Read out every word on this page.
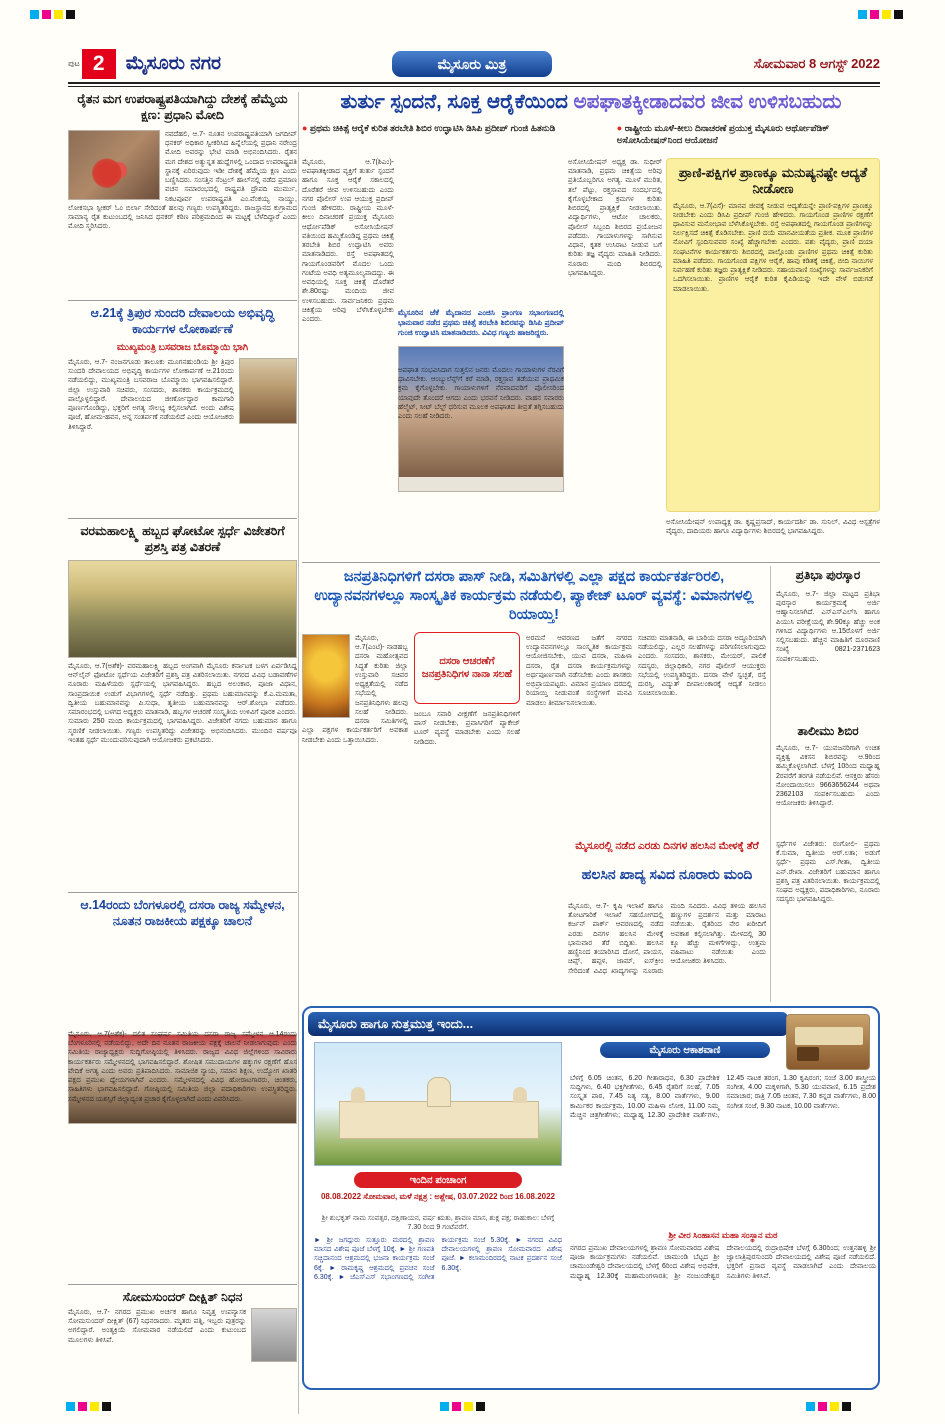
ಪುಟ 2	ಮೈಸೂರು ನಗರ	ಮೈಸೂರು ಮಿತ್ರ	ಸೋಮವಾರ 8 ಆಗಸ್ಟ್ 2022
ರೈತನ ಮಗ ಉಪರಾಷ್ಟ್ರಪತಿಯಾಗಿದ್ದು ದೇಶಕ್ಕೆ ಹೆಮ್ಮೆಯ ಕ್ಷಣ: ಪ್ರಧಾನಿ ಮೋದಿ
ನವದೆಹಲಿ, ಆ.7- ನೂತನ ಉಪರಾಷ್ಟ್ರಪತಿಯಾಗಿ ಜಗದೀಪ್ ಧನಕರ್ ಅಧಿಕಾರ ಸ್ವೀಕರಿಸಿದ ಹಿನ್ನೆಲೆಯಲ್ಲಿ ಪ್ರಧಾನಿ ನರೇಂದ್ರ ಮೋದಿ ಅವರನ್ನು ಭೇಟಿ ಮಾಡಿ ಅಭಿನಂದಿಸಿದರು. ರೈತನ ಮಗ ದೇಶದ ಅತ್ಯುನ್ನತ ಹುದ್ದೆಗಳಲ್ಲಿ ಒಂದಾದ ಉಪರಾಷ್ಟ್ರಪತಿ ಸ್ಥಾನಕ್ಕೆ ಏರಿರುವುದು ಇಡೀ ದೇಶಕ್ಕೆ ಹೆಮ್ಮೆಯ ಕ್ಷಣ ಎಂದು ಬಣ್ಣಿಸಿದರು. ಸಂಸತ್ತಿನ ಸೆಂಟ್ರಲ್ ಹಾಲ್‌ನಲ್ಲಿ ನಡೆದ ಪ್ರಮಾಣ ವಚನ ಸಮಾರಂಭದಲ್ಲಿ ರಾಷ್ಟ್ರಪತಿ ದ್ರೌಪದಿ ಮುರ್ಮು, ನಿಕಟಪೂರ್ವ ಉಪರಾಷ್ಟ್ರಪತಿ ಎಂ.ವೆಂಕಯ್ಯ ನಾಯ್ಡು, ಲೋಕಸಭಾ ಸ್ಪೀಕರ್ ಓಂ ಬಿರ್ಲಾ ಸೇರಿದಂತೆ ಹಲವು ಗಣ್ಯರು ಉಪಸ್ಥಿತರಿದ್ದರು. ರಾಜಸ್ಥಾನದ ಕುಗ್ರಾಮದ ಸಾಮಾನ್ಯ ರೈತ ಕುಟುಂಬದಲ್ಲಿ ಜನಿಸಿದ ಧನಕರ್ ಕಠಿಣ ಪರಿಶ್ರಮದಿಂದ ಈ ಮಟ್ಟಕ್ಕೆ ಬೆಳೆದಿದ್ದಾರೆ ಎಂದು ಮೋದಿ ಸ್ಮರಿಸಿದರು.
ಆ.21ಕ್ಕೆ ತ್ರಿಪುರ ಸುಂದರಿ ದೇವಾಲಯ ಅಭಿವೃದ್ಧಿ ಕಾರ್ಯಗಳ ಲೋಕಾರ್ಪಣೆ
ಮುಖ್ಯಮಂತ್ರಿ ಬಸವರಾಜ ಬೊಮ್ಮಾಯಿ ಭಾಗಿ
ಮೈಸೂರು, ಆ.7- ನಂಜನಗೂಡು ತಾಲೂಕು ಮೂಗನಹುಂಡಿಯ ಶ್ರೀ ತ್ರಿಪುರ ಸುಂದರಿ ದೇವಾಲಯದ ಅಭಿವೃದ್ಧಿ ಕಾರ್ಯಗಳ ಲೋಕಾರ್ಪಣೆ ಆ.21ರಂದು ನಡೆಯಲಿದ್ದು, ಮುಖ್ಯಮಂತ್ರಿ ಬಸವರಾಜ ಬೊಮ್ಮಾಯಿ ಭಾಗವಹಿಸಲಿದ್ದಾರೆ. ಜಿಲ್ಲಾ ಉಸ್ತುವಾರಿ ಸಚಿವರು, ಸಂಸದರು, ಶಾಸಕರು ಕಾರ್ಯಕ್ರಮದಲ್ಲಿ ಪಾಲ್ಗೊಳ್ಳಲಿದ್ದಾರೆ. ದೇವಾಲಯದ ಜೀರ್ಣೋದ್ಧಾರ ಕಾಮಗಾರಿ ಪೂರ್ಣಗೊಂಡಿದ್ದು, ಭಕ್ತರಿಗೆ ಅಗತ್ಯ ಸೌಲಭ್ಯ ಕಲ್ಪಿಸಲಾಗಿದೆ. ಅಂದು ವಿಶೇಷ ಪೂಜೆ, ಹೋಮ-ಹವನ, ಅನ್ನ ಸಂತರ್ಪಣೆ ನಡೆಯಲಿದೆ ಎಂದು ಆಯೋಜಕರು ತಿಳಿಸಿದ್ದಾರೆ.
ವರಮಹಾಲಕ್ಷ್ಮಿ ಹಬ್ಬದ ಘೋಟೋ ಸ್ಪರ್ಧೆ ವಿಜೇತರಿಗೆ ಪ್ರಶಸ್ತಿ ಪತ್ರ ವಿತರಣೆ
ಮೈಸೂರು, ಆ.7(ಅಶೆಕ)- ವರಮಹಾಲಕ್ಷ್ಮಿ ಹಬ್ಬದ ಅಂಗವಾಗಿ ಮೈಸೂರು ಕರ್ನಾಟಕ ಬಳಗ ಏರ್ಪಡಿಸಿದ್ದ ಆನ್‌ಲೈನ್ ಫೋಟೋ ಸ್ಪರ್ಧೆಯ ವಿಜೇತರಿಗೆ ಪ್ರಶಸ್ತಿ ಪತ್ರ ವಿತರಿಸಲಾಯಿತು. ನಗರದ ವಿವಿಧ ಬಡಾವಣೆಗಳ ನೂರಾರು ಮಹಿಳೆಯರು ಸ್ಪರ್ಧೆಯಲ್ಲಿ ಭಾಗವಹಿಸಿದ್ದರು. ಹಬ್ಬದ ಅಲಂಕಾರ, ಪೂಜಾ ವಿಧಾನ, ಸಾಂಪ್ರದಾಯಿಕ ಉಡುಗೆ ವಿಭಾಗಗಳಲ್ಲಿ ಸ್ಪರ್ಧೆ ನಡೆದಿತ್ತು. ಪ್ರಥಮ ಬಹುಮಾನವನ್ನು ಕೆ.ಎ.ಮಮತಾ, ದ್ವಿತೀಯ ಬಹುಮಾನವನ್ನು ಪಿ.ಸುಧಾ, ತೃತೀಯ ಬಹುಮಾನವನ್ನು ಆರ್.ಶೋಭಾ ಪಡೆದರು. ಸಮಾರಂಭದಲ್ಲಿ ಬಳಗದ ಅಧ್ಯಕ್ಷರು ಮಾತನಾಡಿ, ಹಬ್ಬಗಳ ಆಚರಣೆ ಸಂಸ್ಕೃತಿಯ ಉಳಿವಿಗೆ ಪೂರಕ ಎಂದರು. ಸುಮಾರು 250 ಮಂದಿ ಕಾರ್ಯಕ್ರಮದಲ್ಲಿ ಭಾಗವಹಿಸಿದ್ದರು. ವಿಜೇತರಿಗೆ ನಗದು ಬಹುಮಾನ ಹಾಗೂ ಸ್ಮರಣಿಕೆ ನೀಡಲಾಯಿತು. ಗಣ್ಯರು ಉಪಸ್ಥಿತರಿದ್ದು ವಿಜೇತರನ್ನು ಅಭಿನಂದಿಸಿದರು. ಮುಂದಿನ ವರ್ಷವೂ ಇಂತಹ ಸ್ಪರ್ಧೆ ಮುಂದುವರಿಸುವುದಾಗಿ ಆಯೋಜಕರು ಪ್ರಕಟಿಸಿದರು.
ಆ.14ರಂದು ಬೆಂಗಳೂರಲ್ಲಿ ದಸರಾ ರಾಜ್ಯ ಸಮ್ಮೇಳನ, ನೂತನ ರಾಜಕೀಯ ಪಕ್ಷಕ್ಕೂ ಚಾಲನೆ
ಮೈಸೂರು, ಆ.7(ಅಶೆಕ)- ದಲಿತ ಸಂಘರ್ಷ ಸಮಿತಿಯ ದಸರಾ ರಾಜ್ಯ ಸಮ್ಮೇಳನ ಆ.14ರಂದು ಬೆಂಗಳೂರಿನಲ್ಲಿ ನಡೆಯಲಿದ್ದು, ಅದೇ ದಿನ ನೂತನ ರಾಜಕೀಯ ಪಕ್ಷಕ್ಕೆ ಚಾಲನೆ ನೀಡಲಾಗುವುದು ಎಂದು ಸಮಿತಿಯ ರಾಜ್ಯಾಧ್ಯಕ್ಷರು ಸುದ್ದಿಗೋಷ್ಠಿಯಲ್ಲಿ ತಿಳಿಸಿದರು. ರಾಜ್ಯದ ವಿವಿಧ ಜಿಲ್ಲೆಗಳಿಂದ ಸಾವಿರಾರು ಕಾರ್ಯಕರ್ತರು ಸಮ್ಮೇಳನದಲ್ಲಿ ಭಾಗವಹಿಸಲಿದ್ದಾರೆ. ಶೋಷಿತ ಸಮುದಾಯಗಳ ಹಕ್ಕುಗಳ ರಕ್ಷಣೆಗೆ ಹೊಸ ವೇದಿಕೆ ಅಗತ್ಯ ಎಂದು ಅವರು ಪ್ರತಿಪಾದಿಸಿದರು. ಸಾಮಾಜಿಕ ನ್ಯಾಯ, ಸಮಾನ ಶಿಕ್ಷಣ, ಉದ್ಯೋಗ ಖಾತರಿ ಪಕ್ಷದ ಪ್ರಮುಖ ಧ್ಯೇಯಗಳಾಗಿವೆ ಎಂದರು. ಸಮ್ಮೇಳನದಲ್ಲಿ ವಿವಿಧ ಹೋರಾಟಗಾರರು, ಚಿಂತಕರು, ಸಾಹಿತಿಗಳು ಭಾಗವಹಿಸಲಿದ್ದಾರೆ. ಗೋಷ್ಠಿಯಲ್ಲಿ ಸಮಿತಿಯ ಜಿಲ್ಲಾ ಪದಾಧಿಕಾರಿಗಳು ಉಪಸ್ಥಿತರಿದ್ದರು. ಸಮ್ಮೇಳನದ ಯಶಸ್ಸಿಗೆ ಜಿಲ್ಲಾದ್ಯಂತ ಪ್ರಚಾರ ಕೈಗೊಳ್ಳಲಾಗಿದೆ ಎಂದು ವಿವರಿಸಿದರು.
ಸೋಮಸುಂದರ್ ದೀಕ್ಷಿತ್ ನಿಧನ
ಮೈಸೂರು, ಆ.7- ನಗರದ ಪ್ರಮುಖ ಅರ್ಚಕ ಹಾಗೂ ನಿವೃತ್ತ ಉಪನ್ಯಾಸಕ ಸೋಮಸುಂದರ್ ದೀಕ್ಷಿತ್ (67) ನಿಧನರಾದರು. ಮೃತರು ಪತ್ನಿ, ಇಬ್ಬರು ಪುತ್ರರನ್ನು ಅಗಲಿದ್ದಾರೆ. ಅಂತ್ಯಕ್ರಿಯೆ ಸೋಮವಾರ ನಡೆಯಲಿದೆ ಎಂದು ಕುಟುಂಬದ ಮೂಲಗಳು ತಿಳಿಸಿವೆ.
ತುರ್ತು ಸ್ಪಂದನೆ, ಸೂಕ್ತ ಆರೈಕೆಯಿಂದ ಅಪಘಾತಕ್ಕೀಡಾದವರ ಜೀವ ಉಳಿಸಬಹುದು
● ಪ್ರಥಮ ಚಿಕಿತ್ಸೆ ಆರೈಕೆ ಕುರಿತ ತರಬೇತಿ ಶಿಬಿರ ಉದ್ಘಾಟಿಸಿ ಡಿಸಿಪಿ ಪ್ರದೀಪ್ ಗುಂಜಿ ಹಿತನುಡಿ	● ರಾಷ್ಟ್ರೀಯ ಮೂಳೆ-ಕೀಲು ದಿನಾಚರಣೆ ಪ್ರಯುಕ್ತ ಮೈಸೂರು ಆರ್ಥೋಪೆಡಿಕ್ ಅಸೋಸಿಯೇಷನ್‌ನಿಂದ ಆಯೋಜನೆ
ಮೈಸೂರು, ಆ.7(ಶಿಎಂ)- ಅಪಘಾತಕ್ಕೀಡಾದ ವ್ಯಕ್ತಿಗೆ ತುರ್ತು ಸ್ಪಂದನೆ ಹಾಗೂ ಸೂಕ್ತ ಆರೈಕೆ ಸಕಾಲದಲ್ಲಿ ದೊರೆತರೆ ಜೀವ ಉಳಿಸಬಹುದು ಎಂದು ನಗರ ಪೊಲೀಸ್ ಉಪ ಆಯುಕ್ತ ಪ್ರದೀಪ್ ಗುಂಜಿ ಹೇಳಿದರು. ರಾಷ್ಟ್ರೀಯ ಮೂಳೆ-ಕೀಲು ದಿನಾಚರಣೆ ಪ್ರಯುಕ್ತ ಮೈಸೂರು ಆರ್ಥೋಪೆಡಿಕ್ ಅಸೋಸಿಯೇಷನ್ ವತಿಯಿಂದ ಹಮ್ಮಿಕೊಂಡಿದ್ದ ಪ್ರಥಮ ಚಿಕಿತ್ಸೆ ತರಬೇತಿ ಶಿಬಿರ ಉದ್ಘಾಟಿಸಿ ಅವರು ಮಾತನಾಡಿದರು. ರಸ್ತೆ ಅಪಘಾತದಲ್ಲಿ ಗಾಯಗೊಂಡವರಿಗೆ ಮೊದಲ ಒಂದು ಗಂಟೆಯ ಅವಧಿ ಅತ್ಯಮೂಲ್ಯವಾದದ್ದು. ಈ ಅವಧಿಯಲ್ಲಿ ಸೂಕ್ತ ಚಿಕಿತ್ಸೆ ದೊರೆತರೆ ಶೇ.80ರಷ್ಟು ಮಂದಿಯ ಜೀವ ಉಳಿಸಬಹುದು. ಸಾರ್ವಜನಿಕರು ಪ್ರಥಮ ಚಿಕಿತ್ಸೆಯ ಅರಿವು ಬೆಳೆಸಿಕೊಳ್ಳಬೇಕು ಎಂದರು.
ಮೈಸೂರಿನ ಜೆಕೆ ಮೈದಾನದ ಎಂಜಿಸಿ ಪ್ರಾಂಗಣ ಸಭಾಂಗಣದಲ್ಲಿ ಭಾನುವಾರ ನಡೆದ ಪ್ರಥಮ ಚಿಕಿತ್ಸೆ ತರಬೇತಿ ಶಿಬಿರವನ್ನು ಡಿಸಿಪಿ ಪ್ರದೀಪ್ ಗುಂಜಿ ಉದ್ಘಾಟಿಸಿ ಮಾತನಾಡಿದರು. ವಿವಿಧ ಗಣ್ಯರು ಹಾಜರಿದ್ದರು.
ಅಪಘಾತ ಸಂಭವಿಸಿದಾಗ ಸುತ್ತಲಿನ ಜನರು ಮೊದಲು ಗಾಯಾಳುಗಳ ನೆರವಿಗೆ ಧಾವಿಸಬೇಕು. ಆಂಬ್ಯುಲೆನ್ಸ್‌ಗೆ ಕರೆ ಮಾಡಿ, ರಕ್ತಸ್ರಾವ ತಡೆಯುವ ಪ್ರಾಥಮಿಕ ಕ್ರಮ ಕೈಗೊಳ್ಳಬೇಕು. ಗಾಯಾಳುಗಳಿಗೆ ನೆರವಾದವರಿಗೆ ಪೊಲೀಸರಿಂದ ಯಾವುದೇ ತೊಂದರೆ ಆಗದು ಎಂದು ಭರವಸೆ ನೀಡಿದರು. ವಾಹನ ಸವಾರರು ಹೆಲ್ಮೆಟ್, ಸೀಟ್ ಬೆಲ್ಟ್ ಧರಿಸುವ ಮೂಲಕ ಅಪಘಾತದ ತೀವ್ರತೆ ತಗ್ಗಿಸಬಹುದು ಎಂದು ಸಲಹೆ ನೀಡಿದರು.
ಅಸೋಸಿಯೇಷನ್ ಅಧ್ಯಕ್ಷ ಡಾ. ಸುಧೀರ್ ಮಾತನಾಡಿ, ಪ್ರಥಮ ಚಿಕಿತ್ಸೆಯ ಅರಿವು ಪ್ರತಿಯೊಬ್ಬರಿಗೂ ಅಗತ್ಯ. ಮೂಳೆ ಮುರಿತ, ತಲೆ ಪೆಟ್ಟು, ರಕ್ತಸ್ರಾವದ ಸಂದರ್ಭದಲ್ಲಿ ಕೈಗೊಳ್ಳಬೇಕಾದ ಕ್ರಮಗಳ ಕುರಿತು ಶಿಬಿರದಲ್ಲಿ ಪ್ರಾತ್ಯಕ್ಷಿಕೆ ನೀಡಲಾಯಿತು. ವಿದ್ಯಾರ್ಥಿಗಳು, ಆಟೋ ಚಾಲಕರು, ಪೊಲೀಸ್ ಸಿಬ್ಬಂದಿ ಶಿಬಿರದ ಪ್ರಯೋಜನ ಪಡೆದರು. ಗಾಯಾಳುಗಳನ್ನು ಸಾಗಿಸುವ ವಿಧಾನ, ಕೃತಕ ಉಸಿರಾಟ ನೀಡುವ ಬಗೆ ಕುರಿತು ತಜ್ಞ ವೈದ್ಯರು ಮಾಹಿತಿ ನೀಡಿದರು. ನೂರಾರು ಮಂದಿ ಶಿಬಿರದಲ್ಲಿ ಭಾಗವಹಿಸಿದ್ದರು.
ಪ್ರಾಣಿ-ಪಕ್ಷಿಗಳ ಪ್ರಾಣಕ್ಕೂ ಮನುಷ್ಯನಷ್ಟೇ ಆದ್ಯತೆ ನೀಡೋಣ
ಮೈಸೂರು, ಆ.7(ವಿಸೆ)- ಮಾನವ ಜೀವಕ್ಕೆ ನೀಡುವ ಆದ್ಯತೆಯನ್ನೇ ಪ್ರಾಣಿ-ಪಕ್ಷಿಗಳ ಪ್ರಾಣಕ್ಕೂ ನೀಡಬೇಕು ಎಂದು ಡಿಸಿಪಿ ಪ್ರದೀಪ್ ಗುಂಜಿ ಹೇಳಿದರು. ಗಾಯಗೊಂಡ ಪ್ರಾಣಿಗಳ ರಕ್ಷಣೆಗೆ ಧಾವಿಸುವ ಮನೋಭಾವ ಬೆಳೆಸಿಕೊಳ್ಳಬೇಕು. ರಸ್ತೆ ಅಪಘಾತದಲ್ಲಿ ಗಾಯಗೊಂಡ ಪ್ರಾಣಿಗಳನ್ನು ನಿರ್ಲಕ್ಷಿಸದೆ ಚಿಕಿತ್ಸೆ ಕೊಡಿಸಬೇಕು. ಪ್ರಾಣಿ ದಯೆ ಮಾನವೀಯತೆಯ ಪ್ರತೀಕ. ಮೂಕ ಪ್ರಾಣಿಗಳ ನೋವಿಗೆ ಸ್ಪಂದಿಸುವವರ ಸಂಖ್ಯೆ ಹೆಚ್ಚಾಗಬೇಕು ಎಂದರು. ಪಶು ವೈದ್ಯರು, ಪ್ರಾಣಿ ದಯಾ ಸಂಘಟನೆಗಳ ಕಾರ್ಯಕರ್ತರು ಶಿಬಿರದಲ್ಲಿ ಪಾಲ್ಗೊಂಡು ಪ್ರಾಣಿಗಳ ಪ್ರಥಮ ಚಿಕಿತ್ಸೆ ಕುರಿತು ಮಾಹಿತಿ ಪಡೆದರು. ಗಾಯಗೊಂಡ ಪಕ್ಷಿಗಳ ಆರೈಕೆ, ಹಾವು ಕಡಿತಕ್ಕೆ ಚಿಕಿತ್ಸೆ, ಬೀದಿ ನಾಯಿಗಳ ನಿರ್ವಹಣೆ ಕುರಿತು ತಜ್ಞರು ಪ್ರಾತ್ಯಕ್ಷಿಕೆ ನೀಡಿದರು. ಸಹಾಯವಾಣಿ ಸಂಖ್ಯೆಗಳನ್ನು ಸಾರ್ವಜನಿಕರಿಗೆ ಒದಗಿಸಲಾಯಿತು. ಪ್ರಾಣಿಗಳ ಆರೈಕೆ ಕುರಿತ ಕೈಪಿಡಿಯನ್ನು ಇದೇ ವೇಳೆ ಬಿಡುಗಡೆ ಮಾಡಲಾಯಿತು.
ಅಸೋಸಿಯೇಷನ್ ಉಪಾಧ್ಯಕ್ಷ ಡಾ. ಕೃಷ್ಣಪ್ರಸಾದ್, ಕಾರ್ಯದರ್ಶಿ ಡಾ. ಸುನಿಲ್, ವಿವಿಧ ಆಸ್ಪತ್ರೆಗಳ ವೈದ್ಯರು, ದಾದಿಯರು ಹಾಗೂ ವಿದ್ಯಾರ್ಥಿಗಳು ಶಿಬಿರದಲ್ಲಿ ಭಾಗವಹಿಸಿದ್ದರು.
ಜನಪ್ರತಿನಿಧಿಗಳಿಗೆ ದಸರಾ ಪಾಸ್ ನೀಡಿ, ಸಮಿತಿಗಳಲ್ಲಿ ಎಲ್ಲಾ ಪಕ್ಷದ ಕಾರ್ಯಕರ್ತರಿರಲಿ, ಉದ್ಯಾನವನಗಳಲ್ಲೂ ಸಾಂಸ್ಕೃತಿಕ ಕಾರ್ಯಕ್ರಮ ನಡೆಯಲಿ, ಪ್ಯಾಕೇಜ್ ಟೂರ್ ವ್ಯವಸ್ಥೆ: ವಿಮಾನಗಳಲ್ಲಿ ರಿಯಾಯ್ತಿ!
ಮೈಸೂರು, ಆ.7(ಎಂಟಿ)- ನಾಡಹಬ್ಬ ದಸರಾ ಮಹೋತ್ಸವದ ಸಿದ್ಧತೆ ಕುರಿತು ಜಿಲ್ಲಾ ಉಸ್ತುವಾರಿ ಸಚಿವರ ಅಧ್ಯಕ್ಷತೆಯಲ್ಲಿ ನಡೆದ ಸಭೆಯಲ್ಲಿ ಜನಪ್ರತಿನಿಧಿಗಳು ಹಲವು ಸಲಹೆ ನೀಡಿದರು. ದಸರಾ ಸಮಿತಿಗಳಲ್ಲಿ ಎಲ್ಲಾ ಪಕ್ಷಗಳ ಕಾರ್ಯಕರ್ತರಿಗೆ ಅವಕಾಶ ನೀಡಬೇಕು ಎಂದು ಒತ್ತಾಯಿಸಿದರು.
ದಸರಾ ಆಚರಣೆಗೆ ಜನಪ್ರತಿನಿಧಿಗಳ ನಾನಾ ಸಲಹೆ
ಜಂಬೂ ಸವಾರಿ ವೀಕ್ಷಣೆಗೆ ಜನಪ್ರತಿನಿಧಿಗಳಿಗೆ ಪಾಸ್ ನೀಡಬೇಕು, ಪ್ರವಾಸಿಗರಿಗೆ ಪ್ಯಾಕೇಜ್ ಟೂರ್ ವ್ಯವಸ್ಥೆ ಮಾಡಬೇಕು ಎಂದು ಸಲಹೆ ನೀಡಿದರು.
ಅರಮನೆ ಆವರಣದ ಜತೆಗೆ ನಗರದ ಉದ್ಯಾನವನಗಳಲ್ಲೂ ಸಾಂಸ್ಕೃತಿಕ ಕಾರ್ಯಕ್ರಮ ಆಯೋಜಿಸಬೇಕು, ಯುವ ದಸರಾ, ಮಹಿಳಾ ದಸರಾ, ರೈತ ದಸರಾ ಕಾರ್ಯಕ್ರಮಗಳನ್ನು ಅರ್ಥಪೂರ್ಣವಾಗಿ ನಡೆಸಬೇಕು ಎಂದು ಶಾಸಕರು ಅಭಿಪ್ರಾಯಪಟ್ಟರು. ವಿಮಾನ ಪ್ರಯಾಣ ದರದಲ್ಲಿ ರಿಯಾಯ್ತಿ ನೀಡುವಂತೆ ಸಂಸ್ಥೆಗಳಿಗೆ ಮನವಿ ಮಾಡಲು ತೀರ್ಮಾನಿಸಲಾಯಿತು.
ಸಚಿವರು ಮಾತನಾಡಿ, ಈ ಬಾರಿಯ ದಸರಾ ಅದ್ಧೂರಿಯಾಗಿ ನಡೆಯಲಿದ್ದು, ಎಲ್ಲರ ಸಲಹೆಗಳನ್ನು ಪರಿಗಣಿಸಲಾಗುವುದು ಎಂದರು. ಸಂಸದರು, ಶಾಸಕರು, ಮೇಯರ್, ಪಾಲಿಕೆ ಸದಸ್ಯರು, ಜಿಲ್ಲಾಧಿಕಾರಿ, ನಗರ ಪೊಲೀಸ್ ಆಯುಕ್ತರು ಸಭೆಯಲ್ಲಿ ಉಪಸ್ಥಿತರಿದ್ದರು. ದಸರಾ ವೇಳೆ ಸ್ವಚ್ಛತೆ, ರಸ್ತೆ ದುರಸ್ತಿ, ವಿದ್ಯುತ್ ದೀಪಾಲಂಕಾರಕ್ಕೆ ಆದ್ಯತೆ ನೀಡಲು ಸೂಚಿಸಲಾಯಿತು.
ಪ್ರತಿಭಾ ಪುರಸ್ಕಾರ
ಮೈಸೂರು, ಆ.7- ಜಿಲ್ಲಾ ಮಟ್ಟದ ಪ್ರತಿಭಾ ಪುರಸ್ಕಾರ ಕಾರ್ಯಕ್ರಮಕ್ಕೆ ಅರ್ಜಿ ಆಹ್ವಾನಿಸಲಾಗಿದೆ. ಎಸ್‌ಎಸ್‌ಎಲ್‌ಸಿ ಹಾಗೂ ಪಿಯುಸಿ ಪರೀಕ್ಷೆಯಲ್ಲಿ ಶೇ.90ಕ್ಕೂ ಹೆಚ್ಚು ಅಂಕ ಗಳಿಸಿದ ವಿದ್ಯಾರ್ಥಿಗಳು ಆ.15ರೊಳಗೆ ಅರ್ಜಿ ಸಲ್ಲಿಸಬಹುದು. ಹೆಚ್ಚಿನ ಮಾಹಿತಿಗೆ ದೂರವಾಣಿ ಸಂಖ್ಯೆ 0821-2371623 ಸಂಪರ್ಕಿಸಬಹುದು.
ತಾಲೀಮು ಶಿಬಿರ
ಮೈಸೂರು, ಆ.7- ಯುವಜನರಿಗಾಗಿ ಉಚಿತ ವ್ಯಕ್ತಿತ್ವ ವಿಕಸನ ಶಿಬಿರವನ್ನು ಆ.9ರಿಂದ ಹಮ್ಮಿಕೊಳ್ಳಲಾಗಿದೆ. ಬೆಳಗ್ಗೆ 10ರಿಂದ ಮಧ್ಯಾಹ್ನ 2ರವರೆಗೆ ತರಗತಿ ನಡೆಯಲಿವೆ. ಆಸಕ್ತರು ಹೆಸರು ನೋಂದಾಯಿಸಲು 9663656244 ಅಥವಾ 2362103 ಸಂಪರ್ಕಿಸಬಹುದು ಎಂದು ಆಯೋಜಕರು ತಿಳಿಸಿದ್ದಾರೆ.
ಮೈಸೂರಲ್ಲಿ ನಡೆದ ಎರಡು ದಿನಗಳ ಹಲಸಿನ ಮೇಳಕ್ಕೆ ತೆರೆ
ಹಲಸಿನ ಖಾದ್ಯ ಸವಿದ ನೂರಾರು ಮಂದಿ
ಮೈಸೂರು, ಆ.7- ಕೃಷಿ ಇಲಾಖೆ ಹಾಗೂ ತೋಟಗಾರಿಕೆ ಇಲಾಖೆ ಸಹಯೋಗದಲ್ಲಿ ಕರ್ಜನ್ ಪಾರ್ಕ್ ಆವರಣದಲ್ಲಿ ನಡೆದ ಎರಡು ದಿನಗಳ ಹಲಸಿನ ಮೇಳಕ್ಕೆ ಭಾನುವಾರ ತೆರೆ ಬಿದ್ದಿತು. ಹಲಸಿನ ಹಣ್ಣಿನಿಂದ ತಯಾರಿಸಿದ ದೋಸೆ, ಪಾಯಸ, ಚಿಪ್ಸ್, ಹಪ್ಪಳ, ಜಾಮ್, ಐಸ್‌ಕ್ರೀಂ ಸೇರಿದಂತೆ ವಿವಿಧ ಖಾದ್ಯಗಳನ್ನು ನೂರಾರು ಮಂದಿ ಸವಿದರು. ವಿವಿಧ ತಳಿಯ ಹಲಸಿನ ಹಣ್ಣುಗಳ ಪ್ರದರ್ಶನ ಮತ್ತು ಮಾರಾಟ ನಡೆಯಿತು. ರೈತರಿಂದ ನೇರ ಖರೀದಿಗೆ ಅವಕಾಶ ಕಲ್ಪಿಸಲಾಗಿತ್ತು. ಮೇಳದಲ್ಲಿ 30 ಕ್ಕೂ ಹೆಚ್ಚು ಮಳಿಗೆಗಳಿದ್ದು, ಉತ್ತಮ ವಹಿವಾಟು ನಡೆಯಿತು ಎಂದು ಆಯೋಜಕರು ತಿಳಿಸಿದರು.
ಸ್ಪರ್ಧೆಗಳ ವಿಜೇತರು: ರಂಗೋಲಿ- ಪ್ರಥಮ ಕೆ.ಸುಮಾ, ದ್ವಿತೀಯ ಆರ್.ಲತಾ; ಅಡುಗೆ ಸ್ಪರ್ಧೆ- ಪ್ರಥಮ ಎಸ್.ಗೀತಾ, ದ್ವಿತೀಯ ಎನ್.ರೇಖಾ. ವಿಜೇತರಿಗೆ ಬಹುಮಾನ ಹಾಗೂ ಪ್ರಶಸ್ತಿ ಪತ್ರ ವಿತರಿಸಲಾಯಿತು. ಕಾರ್ಯಕ್ರಮದಲ್ಲಿ ಸಂಘದ ಅಧ್ಯಕ್ಷರು, ಪದಾಧಿಕಾರಿಗಳು, ನೂರಾರು ಸದಸ್ಯರು ಭಾಗವಹಿಸಿದ್ದರು.
ಮೈಸೂರು ಹಾಗೂ ಸುತ್ತಮುತ್ತ ಇಂದು...
ಇಂದಿನ ಪಂಚಾಂಗ
08.08.2022 ಸೋಮವಾರ, ಮಳೆ ನಕ್ಷತ್ರ : ಅಶ್ಲೇಷ, 03.07.2022 ರಿಂದ 16.08.2022
ಶ್ರೀ ಶುಭಕೃತ್ ನಾಮ ಸಂವತ್ಸರ, ದಕ್ಷಿಣಾಯನ, ವರ್ಷ ಋತು, ಶ್ರಾವಣ ಮಾಸ, ಶುಕ್ಲ ಪಕ್ಷ; ರಾಹುಕಾಲ: ಬೆಳಗ್ಗೆ 7.30 ರಿಂದ 9 ಗಂಟೆವರೆಗೆ.
► ಶ್ರೀ ಜಗದ್ಗುರು ಸುತ್ತೂರು ಮಠದಲ್ಲಿ ಶ್ರಾವಣ ಮಾಸದ ವಿಶೇಷ ಪೂಜೆ ಬೆಳಗ್ಗೆ 10ಕ್ಕೆ. ► ಶ್ರೀ ಗಣಪತಿ ಸಚ್ಚಿದಾನಂದ ಆಶ್ರಮದಲ್ಲಿ ಭಜನಾ ಕಾರ್ಯಕ್ರಮ ಸಂಜೆ 6ಕ್ಕೆ. ► ರಾಮಕೃಷ್ಣ ಆಶ್ರಮದಲ್ಲಿ ಪ್ರವಚನ ಸಂಜೆ 6.30ಕ್ಕೆ. ► ಜೆಎಸ್‌ಎಸ್ ಸಭಾಂಗಣದಲ್ಲಿ ಸಂಗೀತ ಕಾರ್ಯಕ್ರಮ ಸಂಜೆ 5.30ಕ್ಕೆ. ► ನಗರದ ವಿವಿಧ ದೇವಾಲಯಗಳಲ್ಲಿ ಶ್ರಾವಣ ಸೋಮವಾರದ ವಿಶೇಷ ಪೂಜೆ. ► ಕಲಾಮಂದಿರದಲ್ಲಿ ನಾಟಕ ಪ್ರದರ್ಶನ ಸಂಜೆ 6.30ಕ್ಕೆ.
ಮೈಸೂರು ಆಕಾಶವಾಣಿ
ಬೆಳಗ್ಗೆ 6.05 ಚಿಂತನ, 6.20 ಗೀತಾರಾಧನ, 6.30 ಪ್ರಾದೇಶಿಕ ಸುದ್ದಿಗಳು, 6.40 ಭಕ್ತಿಗೀತೆಗಳು, 6.45 ರೈತರಿಗೆ ಸಲಹೆ, 7.05 ಸಂಸ್ಕೃತ ಪಾಠ, 7.45 ನಿತ್ಯ ಸತ್ಯ, 8.00 ವಾರ್ತೆಗಳು, 9.00 ಕಾರ್ಮಿಕರ ಕಾರ್ಯಕ್ರಮ, 10.00 ಮಹಿಳಾ ಲೋಕ, 11.00 ನಿಮ್ಮ ಮೆಚ್ಚಿನ ಚಿತ್ರಗೀತೆಗಳು; ಮಧ್ಯಾಹ್ನ 12.30 ಪ್ರಾದೇಶಿಕ ವಾರ್ತೆಗಳು, 12.45 ನಾಟಕ ತರಂಗ, 1.30 ಕೃಷಿರಂಗ; ಸಂಜೆ 3.00 ಶಾಸ್ತ್ರೀಯ ಸಂಗೀತ, 4.00 ಮಕ್ಕಳಿಗಾಗಿ, 5.30 ಯುವವಾಣಿ, 6.15 ಪ್ರದೇಶ ಸಮಾಚಾರ; ರಾತ್ರಿ 7.05 ಚಿಂತನ, 7.30 ಕನ್ನಡ ವಾರ್ತೆಗಳು, 8.00 ಸಂಗೀತ ಸಂಜೆ, 9.30 ನಾಟಕ, 10.00 ವಾರ್ತೆಗಳು.
ಶ್ರೀ ವೀರ ಸಿಂಹಾಸನ ಮಹಾ ಸಂಸ್ಥಾನ ಮಠ
ನಗರದ ಪ್ರಮುಖ ದೇವಾಲಯಗಳಲ್ಲಿ ಶ್ರಾವಣ ಸೋಮವಾರದ ವಿಶೇಷ ಪೂಜಾ ಕಾರ್ಯಕ್ರಮಗಳು ನಡೆಯಲಿವೆ. ಚಾಮುಂಡಿ ಬೆಟ್ಟದ ಶ್ರೀ ಚಾಮುಂಡೇಶ್ವರಿ ದೇವಾಲಯದಲ್ಲಿ ಬೆಳಗ್ಗೆ 6ರಿಂದ ವಿಶೇಷ ಅಭಿಷೇಕ, ಮಧ್ಯಾಹ್ನ 12.30ಕ್ಕೆ ಮಹಾಮಂಗಳಾರತಿ; ಶ್ರೀ ನಂಜುಂಡೇಶ್ವರ ದೇವಾಲಯದಲ್ಲಿ ರುದ್ರಾಭಿಷೇಕ ಬೆಳಗ್ಗೆ 6.30ರಿಂದ; ಉತ್ತನಹಳ್ಳಿ ಶ್ರೀ ಜ್ವಾಲಾತ್ರಿಪುರಸುಂದರಿ ದೇವಾಲಯದಲ್ಲಿ ವಿಶೇಷ ಪೂಜೆ ನಡೆಯಲಿದೆ. ಭಕ್ತರಿಗೆ ಪ್ರಸಾದ ವ್ಯವಸ್ಥೆ ಮಾಡಲಾಗಿದೆ ಎಂದು ದೇವಾಲಯ ಸಮಿತಿಗಳು ತಿಳಿಸಿವೆ.
